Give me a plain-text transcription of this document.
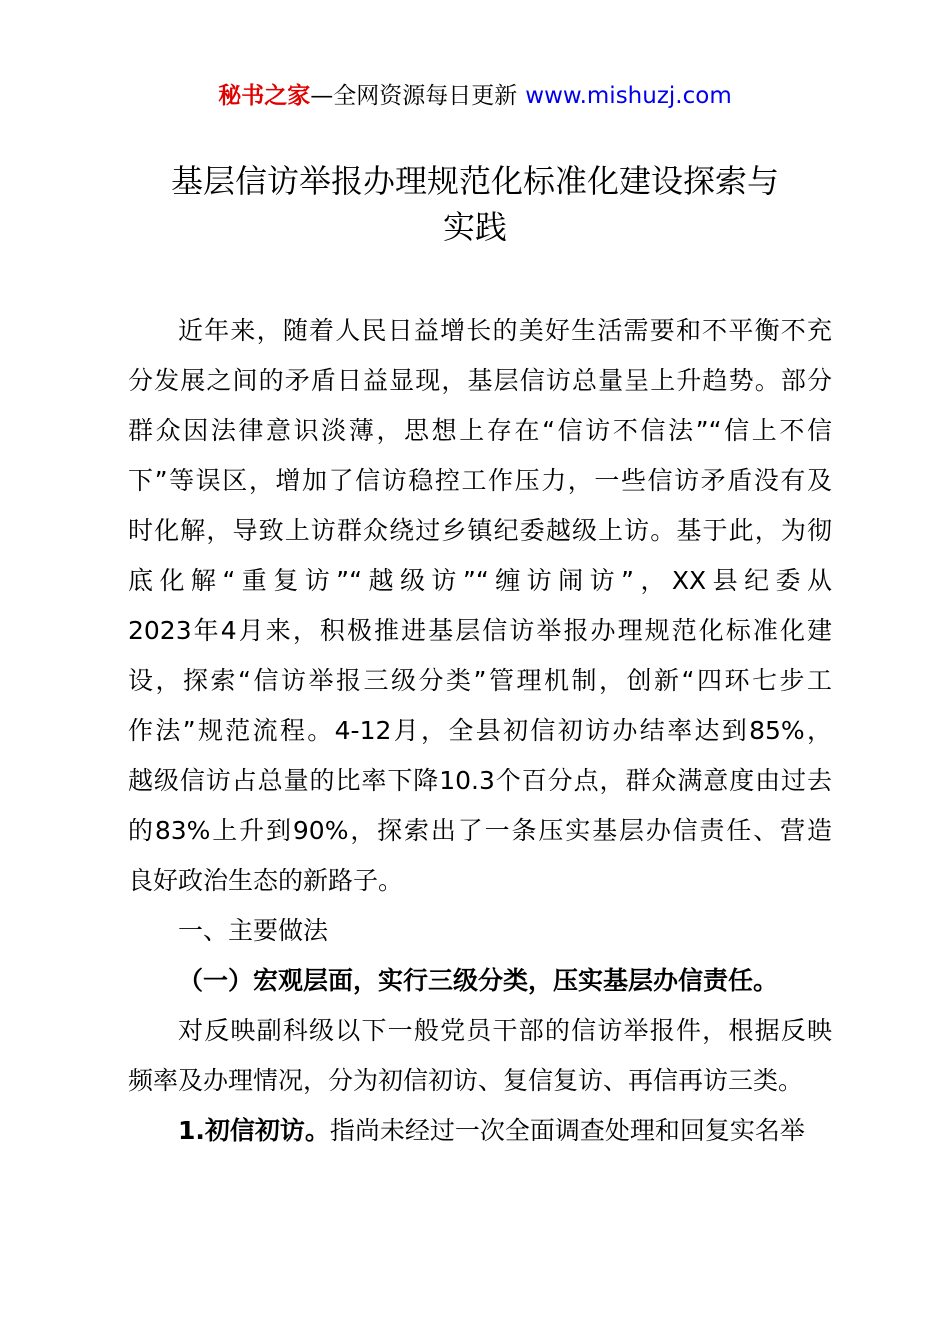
秘书之家—全网资源每日更新 www.mishuzj.com
基层信访举报办理规范化标准化建设探索与
实践
近年来，随着人民日益增长的美好生活需要和不平衡不充
分发展之间的矛盾日益显现，基层信访总量呈上升趋势。部分
群众因法律意识淡薄，思想上存在“信访不信法”“信上不信
下”等误区，增加了信访稳控工作压力，一些信访矛盾没有及
时化解，导致上访群众绕过乡镇纪委越级上访。基于此，为彻
底化解“重复访”“越级访”“缠访闹访”，XX县纪委从
2023年4月来，积极推进基层信访举报办理规范化标准化建
设，探索“信访举报三级分类”管理机制，创新“四环七步工
作法”规范流程。4-12月，全县初信初访办结率达到85%，
越级信访占总量的比率下降10.3个百分点，群众满意度由过去
的83%上升到90%，探索出了一条压实基层办信责任、营造
良好政治生态的新路子。
一、主要做法
（一）宏观层面，实行三级分类，压实基层办信责任。
对反映副科级以下一般党员干部的信访举报件，根据反映
频率及办理情况，分为初信初访、复信复访、再信再访三类。
1.初信初访。指尚未经过一次全面调查处理和回复实名举
